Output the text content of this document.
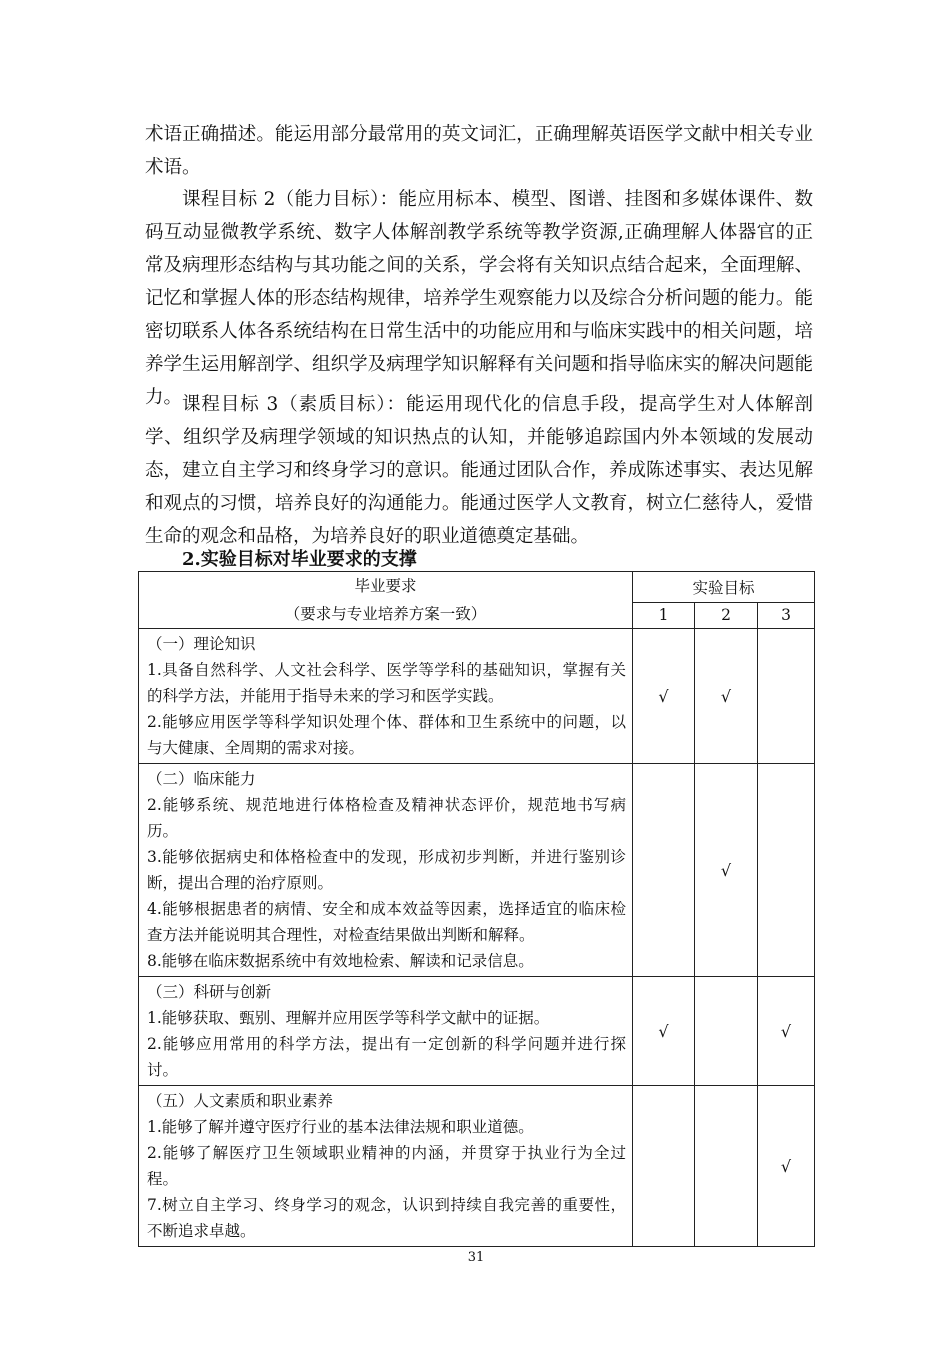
术语正确描述。能运用部分最常用的英文词汇，正确理解英语医学文献中相关专业术语。

课程目标 2（能力目标）：能应用标本、模型、图谱、挂图和多媒体课件、数码互动显微教学系统、数字人体解剖教学系统等教学资源,正确理解人体器官的正常及病理形态结构与其功能之间的关系，学会将有关知识点结合起来，全面理解、记忆和掌握人体的形态结构规律，培养学生观察能力以及综合分析问题的能力。能密切联系人体各系统结构在日常生活中的功能应用和与临床实践中的相关问题，培养学生运用解剖学、组织学及病理学知识解释有关问题和指导临床实的解决问题能力。 课程目标 3（素质目标）：能运用现代化的信息手段，提高学生对人体解剖学、组织学及病理学领域的知识热点的认知，并能够追踪国内外本领域的发展动态，建立自主学习和终身学习的意识。能通过团队合作，养成陈述事实、表达见解和观点的习惯，培养良好的沟通能力。能通过医学人文教育，树立仁慈待人，爱惜生命的观念和品格，为培养良好的职业道德奠定基础。

2.实验目标对毕业要求的支撑

毕业要求
（要求与专业培养方案一致）	实验目标		
	1	2	3

（一）理论知识
1.具备自然科学、人文社会科学、医学等学科的基础知识，掌握有关的科学方法，并能用于指导未来的学习和医学实践。
2.能够应用医学等科学知识处理个体、群体和卫生系统中的问题，以与大健康、全周期的需求对接。	√	√	

（二）临床能力
2.能够系统、规范地进行体格检查及精神状态评价，规范地书写病历。
3.能够依据病史和体格检查中的发现，形成初步判断，并进行鉴别诊断，提出合理的治疗原则。
4.能够根据患者的病情、安全和成本效益等因素，选择适宜的临床检查方法并能说明其合理性，对检查结果做出判断和解释。
8.能够在临床数据系统中有效地检索、解读和记录信息。		√	

（三）科研与创新
1.能够获取、甄别、理解并应用医学等科学文献中的证据。
2.能够应用常用的科学方法，提出有一定创新的科学问题并进行探讨。	√		√

（五）人文素质和职业素养
1.能够了解并遵守医疗行业的基本法律法规和职业道德。
2.能够了解医疗卫生领域职业精神的内涵，并贯穿于执业行为全过程。
7.树立自主学习、终身学习的观念，认识到持续自我完善的重要性，不断追求卓越。			√
31
